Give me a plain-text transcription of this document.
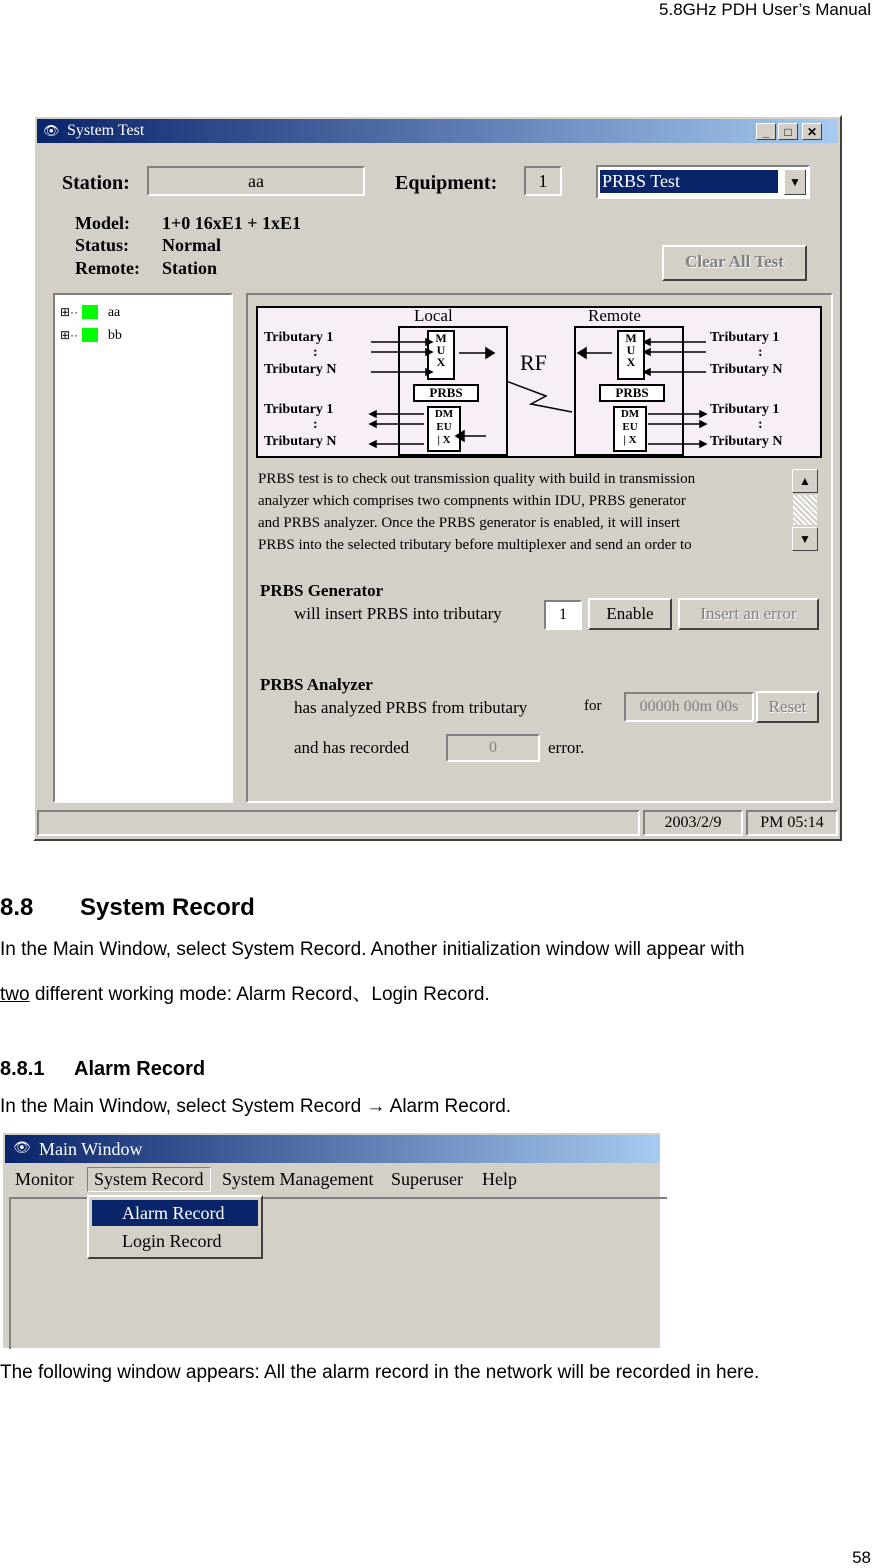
5.8GHz PDH User’s Manual
👁 System Test	_	□	✕
Station:	aa	Equipment:	1	PRBS Test	▼
Model: 1+0 16xE1 + 1xE1
Status: Normal
Remote: Station	Clear All Test
⊞·· aa
⊞·· bb
Local	Remote
Tributary 1
:
Tributary N
Tributary 1
:
Tributary N
Tributary 1
:
Tributary N
Tributary 1
:
Tributary N
M
U
X
PRBS
DM
EU
| X
M
U
X
PRBS
DM
EU
| X
RF
PRBS test is to check out transmission quality with build in transmission
analyzer which comprises two compnents within IDU, PRBS generator
and PRBS analyzer. Once the PRBS generator is enabled, it will insert
PRBS into the selected tributary before multiplexer and send an order to
▲
▼
PRBS Generator
will insert PRBS into tributary	1	Enable	Insert an error
PRBS Analyzer
has analyzed PRBS from tributary	for	0000h 00m 00s	Reset
and has recorded	0	error.
2003/2/9	PM 05:14
8.8 System Record
In the Main Window, select System Record. Another initialization window will appear with
two different working mode: Alarm Record、Login Record.
8.8.1 Alarm Record
In the Main Window, select System Record → Alarm Record.
👁 Main Window
Monitor	System Record	System Management Superuser Help
Alarm Record
Login Record
The following window appears: All the alarm record in the network will be recorded in here.
58
